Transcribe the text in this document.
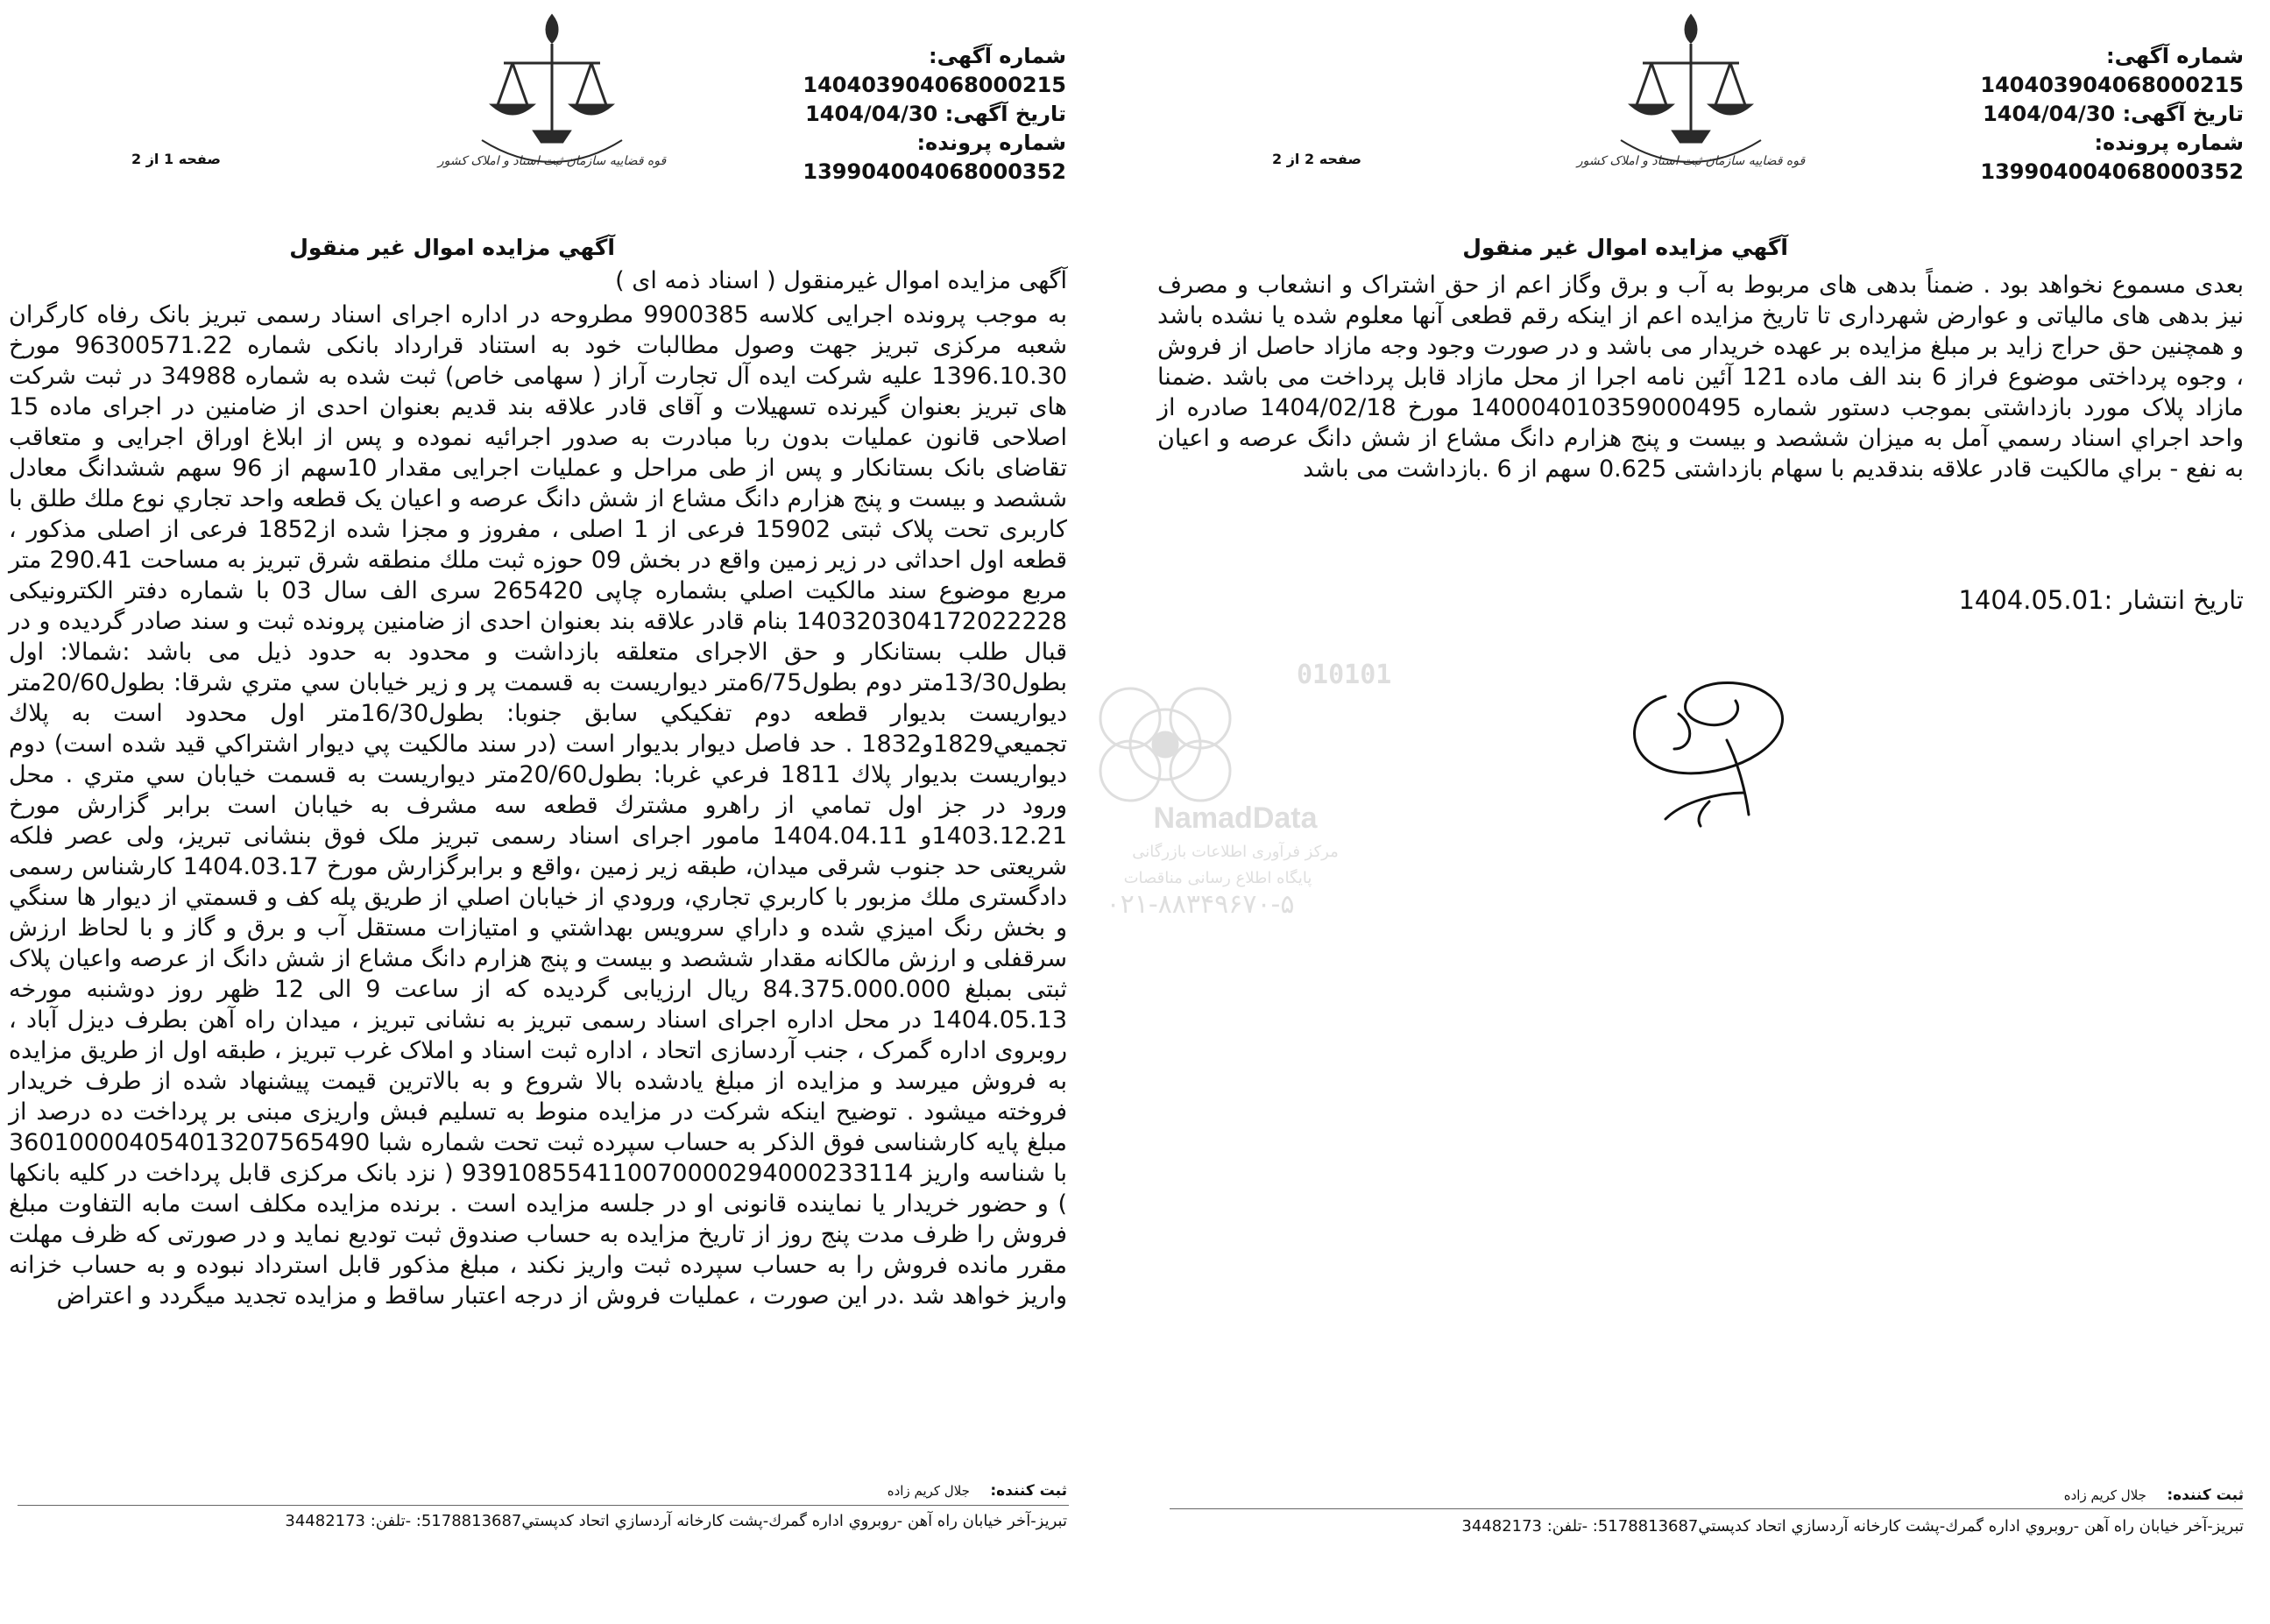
شماره آگهی: 140403904068000215
تاریخ آگهی: 1404/04/30
شماره پرونده: 139904004068000352
قوه قضاییه سازمان ثبت اسناد و املاک کشور
صفحه 1 از 2
آگهي مزايده اموال غير منقول
آگهی مزایده اموال غیرمنقول ( اسناد ذمه ای )

به موجب پرونده اجرایی کلاسه 9900385 مطروحه در اداره اجرای اسناد رسمی تبریز بانک رفاه کارگران شعبه مرکزی تبریز جهت وصول مطالبات خود به استناد قرارداد بانکی شماره 96300571.22 مورخ 1396.10.30 علیه شرکت ایده آل تجارت آراز ( سهامی خاص) ثبت شده به شماره 34988 در ثبت شرکت های تبریز بعنوان گیرنده تسهیلات و آقای قادر علاقه بند قدیم بعنوان احدی از ضامنین در اجرای ماده 15 اصلاحی قانون عملیات بدون ربا مبادرت به صدور اجرائیه نموده و پس از ابلاغ اوراق اجرایی و متعاقب تقاضای بانک بستانکار و پس از طی مراحل و عملیات اجرایی مقدار 10سهم از 96 سهم ششدانگ معادل ششصد و بیست و پنج هزارم دانگ مشاع از شش دانگ عرصه و اعیان یک قطعه واحد تجاري نوع ملك طلق با کاربری تحت پلاک ثبتی 15902 فرعی از 1 اصلی ، مفروز و مجزا شده از1852 فرعی از اصلی مذکور ، قطعه اول احداثی در زير زمين واقع در بخش 09 حوزه ثبت ملك منطقه شرق تبريز به مساحت 290.41 متر مربع موضوع سند مالكيت اصلي بشماره چاپی 265420 سری الف سال 03 با شماره دفتر الکترونیکی 140320304172022228 بنام قادر علاقه بند بعنوان احدی از ضامنین پرونده ثبت و سند صادر گردیده و در قبال طلب بستانکار و حق الاجرای متعلقه بازداشت و محدود به حدود ذیل می باشد :شمالا: اول بطول13/30متر دوم بطول6/75متر ديواريست به قسمت پر و زير خيابان سي متري شرقا: بطول20/60متر ديواريست بديوار قطعه دوم تفكيكي سابق جنوبا: بطول16/30متر اول محدود است به پلاك تجميعي1829و1832 . حد فاصل ديوار بديوار است (در سند مالكيت پي ديوار اشتراكي قيد شده است) دوم ديواريست بديوار پلاك 1811 فرعي غربا: بطول20/60متر ديواريست به قسمت خيابان سي متري . محل ورود در جز اول تمامي از راهرو مشترك قطعه سه مشرف به خيابان است برابر گزارش مورخ 1403.12.21و 1404.04.11 مامور اجرای اسناد رسمی تبریز ملک فوق بنشانی تبريز، ولی عصر فلکه شريعتی حد جنوب شرقی ميدان، طبقه زير زمين ،واقع و برابرگزارش مورخ 1404.03.17 کارشناس رسمی دادگستری ملك مزبور با كاربري تجاري، ورودي از خيابان اصلي از طريق پله كف و قسمتي از ديوار ها سنگي و بخش رنگ اميزي شده و داراي سرويس بهداشتي و امتيازات مستقل آب و برق و گاز و با لحاظ ارزش سرقفلی و ارزش مالکانه مقدار ششصد و بیست و پنج هزارم دانگ مشاع از شش دانگ از عرصه واعيان پلاک ثبتی بمبلغ 84.375.000.000 ريال ارزيابی گرديده که از ساعت 9 الی 12 ظهر روز دوشنبه مورخه 1404.05.13 در محل اداره اجرای اسناد رسمی تبریز به نشانی تبریز ، میدان راه آهن بطرف دیزل آباد ، روبروی اداره گمرک ، جنب آردسازی اتحاد ، اداره ثبت اسناد و املاک غرب تبریز ، طبقه اول از طریق مزایده به فروش میرسد و مزایده از مبلغ یادشده بالا شروع و به بالاترین قیمت پیشنهاد شده از طرف خریدار فروخته میشود . توضیح اینکه شرکت در مزایده منوط به تسلیم فبش واریزی مبنی بر پرداخت ده درصد از مبلغ پایه کارشناسی فوق الذکر به حساب سپرده ثبت تحت شماره شبا 360100004054013207565490 با شناسه واریز 939108554110070000294000233114 ( نزد بانک مرکزی قابل پرداخت در کلیه بانکها ) و حضور خریدار یا نماینده قانونی او در جلسه مزایده است . برنده مزایده مکلف است مابه التفاوت مبلغ فروش را ظرف مدت پنج روز از تاریخ مزایده به حساب صندوق ثبت تودیع نماید و در صورتی که ظرف مهلت مقرر مانده فروش را به حساب سپرده ثبت واریز نکند ، مبلغ مذکور قابل استرداد نبوده و به حساب خزانه واریز خواهد شد .در این صورت ، عملیات فروش از درجه اعتبار ساقط و مزایده تجدید میگردد و اعتراض

ثبت کننده: جلال کریم زاده
تبريز-آخر خيابان راه آهن -روبروي اداره گمرك-پشت كارخانه آردسازي اتحاد كدپستي5178813687: -تلفن: 34482173
010101
NamadData
مرکز فرآوری اطلاعات بازرگانی
پایگاه اطلاع رسانی مناقصات
۰۲۱-۸۸۳۴۹۶۷۰-۵
شماره آگهی: 140403904068000215
تاریخ آگهی: 1404/04/30
شماره پرونده: 139904004068000352
قوه قضاییه سازمان ثبت اسناد و املاک کشور
صفحه 2 از 2
آگهي مزايده اموال غير منقول

بعدی مسموع نخواهد بود . ضمناً بدهی های مربوط به آب و برق وگاز اعم از حق اشتراک و انشعاب و مصرف نیز بدهی های مالیاتی و عوارض شهرداری تا تاریخ مزایده اعم از اینکه رقم قطعی آنها معلوم شده یا نشده باشد و همچنین حق حراج زاید بر مبلغ مزایده بر عهده خریدار می باشد و در صورت وجود وجه مازاد حاصل از فروش ، وجوه پرداختی موضوع فراز 6 بند الف ماده 121 آئین نامه اجرا از محل مازاد قابل پرداخت می باشد .ضمنا مازاد پلاک مورد بازداشتی بموجب دستور شماره 140004010359000495 مورخ 1404/02/18 صادره از واحد اجراي اسناد رسمي آمل به ميزان ششصد و بيست و پنج هزارم دانگ مشاع از شش دانگ عرصه و اعيان به نفع - براي مالكيت قادر علاقه بندقديم با سهام بازداشتی 0.625 سهم از 6 .بازداشت می باشد

تاریخ انتشار :1404.05.01
ثبت کننده: جلال کریم زاده
تبريز-آخر خيابان راه آهن -روبروي اداره گمرك-پشت كارخانه آردسازي اتحاد كدپستي5178813687: -تلفن: 34482173
